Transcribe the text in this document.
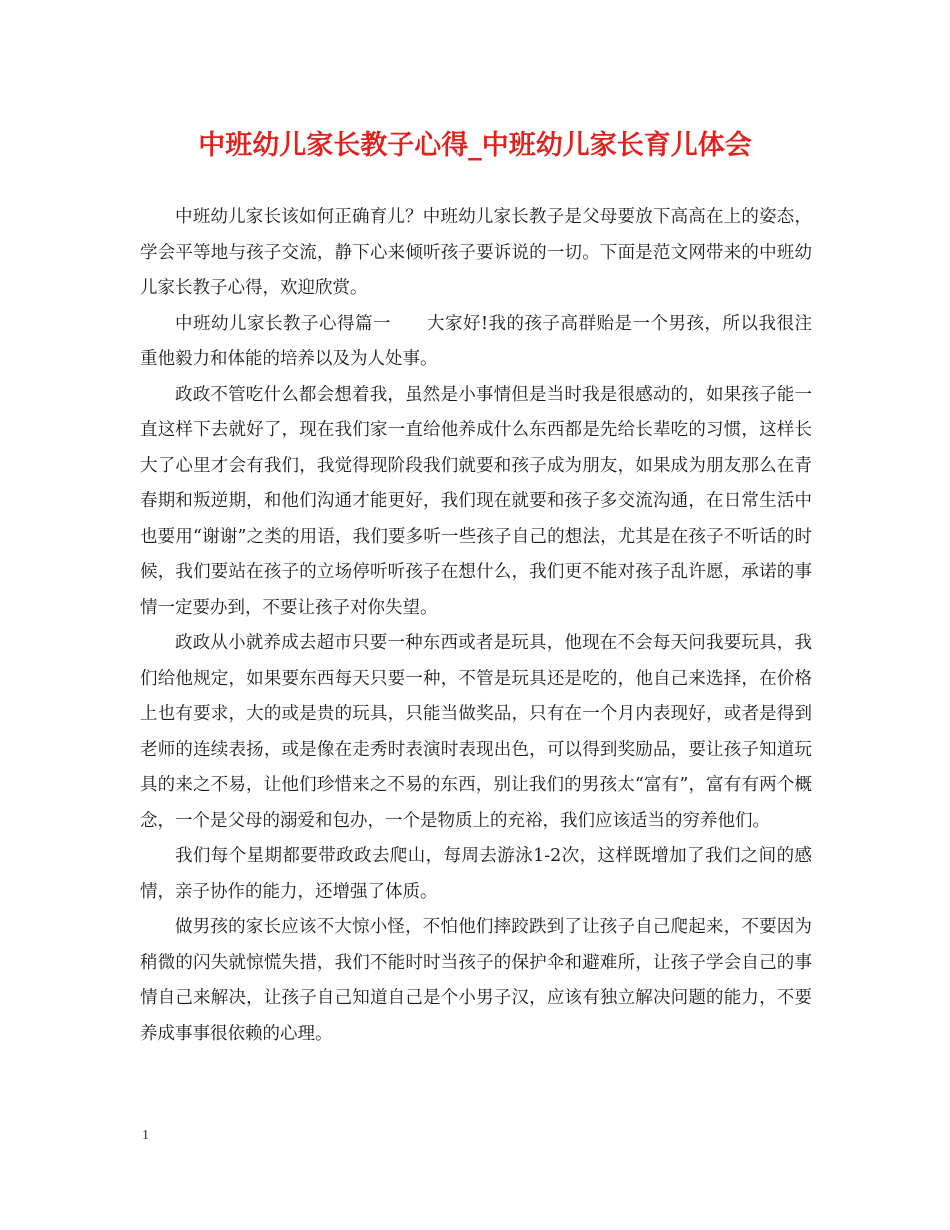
中班幼儿家长教子心得_中班幼儿家长育儿体会

中班幼儿家长该如何正确育儿？中班幼儿家长教子是父母要放下高高在上的姿态，学会平等地与孩子交流，静下心来倾听孩子要诉说的一切。下面是范文网带来的中班幼儿家长教子心得，欢迎欣赏。

中班幼儿家长教子心得篇一　　大家好!我的孩子高群贻是一个男孩，所以我很注重他毅力和体能的培养以及为人处事。

政政不管吃什么都会想着我，虽然是小事情但是当时我是很感动的，如果孩子能一直这样下去就好了，现在我们家一直给他养成什么东西都是先给长辈吃的习惯，这样长大了心里才会有我们，我觉得现阶段我们就要和孩子成为朋友，如果成为朋友那么在青春期和叛逆期，和他们沟通才能更好，我们现在就要和孩子多交流沟通，在日常生活中也要用“谢谢”之类的用语，我们要多听一些孩子自己的想法，尤其是在孩子不听话的时候，我们要站在孩子的立场停听听孩子在想什么，我们更不能对孩子乱许愿，承诺的事情一定要办到，不要让孩子对你失望。

政政从小就养成去超市只要一种东西或者是玩具，他现在不会每天问我要玩具，我们给他规定，如果要东西每天只要一种，不管是玩具还是吃的，他自己来选择，在价格上也有要求，大的或是贵的玩具，只能当做奖品，只有在一个月内表现好，或者是得到老师的连续表扬，或是像在走秀时表演时表现出色，可以得到奖励品，要让孩子知道玩具的来之不易，让他们珍惜来之不易的东西，别让我们的男孩太“富有”，富有有两个概念，一个是父母的溺爱和包办，一个是物质上的充裕，我们应该适当的穷养他们。

我们每个星期都要带政政去爬山，每周去游泳1-2次，这样既增加了我们之间的感情，亲子协作的能力，还增强了体质。

做男孩的家长应该不大惊小怪，不怕他们摔跤跌到了让孩子自己爬起来，不要因为稍微的闪失就惊慌失措，我们不能时时当孩子的保护伞和避难所，让孩子学会自己的事情自己来解决，让孩子自己知道自己是个小男子汉，应该有独立解决问题的能力，不要养成事事很依赖的心理。

1
